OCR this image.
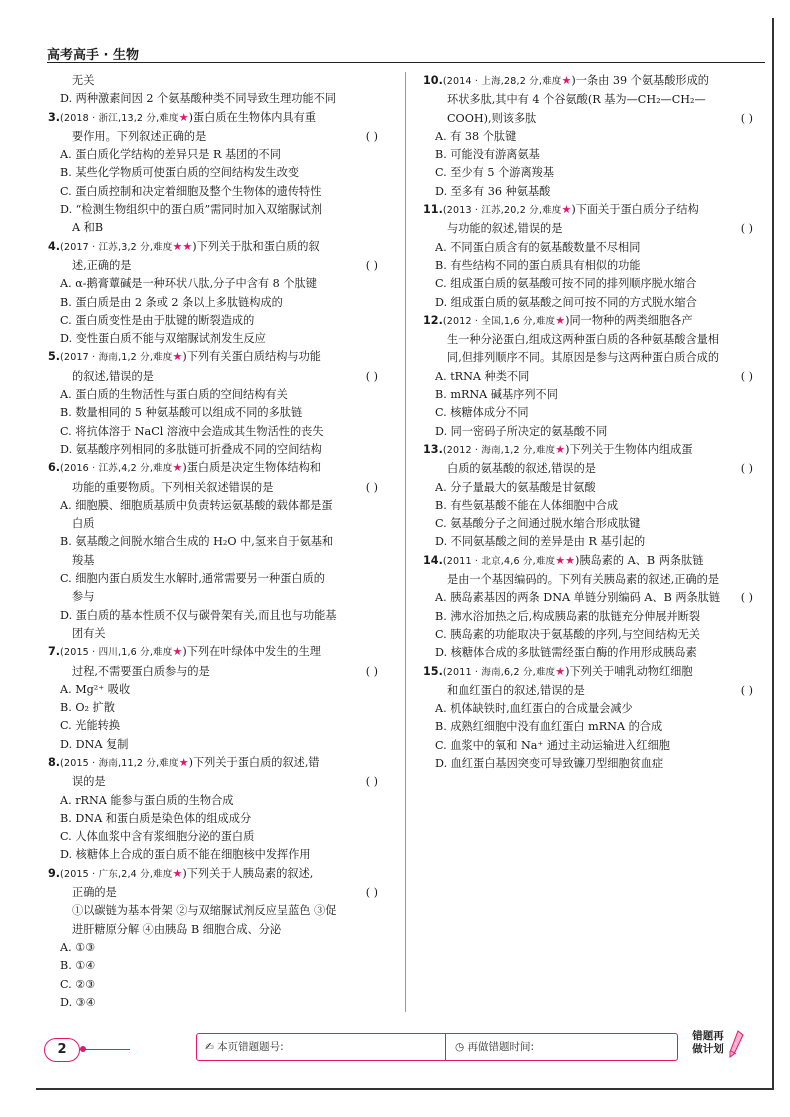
高考高手 · 生物
无关
D. 两种激素间因 2 个氨基酸种类不同导致生理功能不同
3.(2018 · 浙江,13,2 分,难度★)蛋白质在生物体内具有重
( )
要作用。下列叙述正确的是
A. 蛋白质化学结构的差异只是 R 基团的不同
B. 某些化学物质可使蛋白质的空间结构发生改变
C. 蛋白质控制和决定着细胞及整个生物体的遗传特性
D. “检测生物组织中的蛋白质”需同时加入双缩脲试剂
A 和B
4.(2017 · 江苏,3,2 分,难度★★)下列关于肽和蛋白质的叙
( )
述,正确的是
A. α-鹅膏蕈碱是一种环状八肽,分子中含有 8 个肽键
B. 蛋白质是由 2 条或 2 条以上多肽链构成的
C. 蛋白质变性是由于肽键的断裂造成的
D. 变性蛋白质不能与双缩脲试剂发生反应
5.(2017 · 海南,1,2 分,难度★)下列有关蛋白质结构与功能
( )
的叙述,错误的是
A. 蛋白质的生物活性与蛋白质的空间结构有关
B. 数量相同的 5 种氨基酸可以组成不同的多肽链
C. 将抗体溶于 NaCl 溶液中会造成其生物活性的丧失
D. 氨基酸序列相同的多肽链可折叠成不同的空间结构
6.(2016 · 江苏,4,2 分,难度★)蛋白质是决定生物体结构和
( )
功能的重要物质。下列相关叙述错误的是
A. 细胞膜、细胞质基质中负责转运氨基酸的载体都是蛋
白质
B. 氨基酸之间脱水缩合生成的 H₂O 中,氢来自于氨基和
羧基
C. 细胞内蛋白质发生水解时,通常需要另一种蛋白质的
参与
D. 蛋白质的基本性质不仅与碳骨架有关,而且也与功能基
团有关
7.(2015 · 四川,1,6 分,难度★)下列在叶绿体中发生的生理
( )
过程,不需要蛋白质参与的是
A. Mg²⁺ 吸收
B. O₂ 扩散
C. 光能转换
D. DNA 复制
8.(2015 · 海南,11,2 分,难度★)下列关于蛋白质的叙述,错
( )
误的是
A. rRNA 能参与蛋白质的生物合成
B. DNA 和蛋白质是染色体的组成成分
C. 人体血浆中含有浆细胞分泌的蛋白质
D. 核糖体上合成的蛋白质不能在细胞核中发挥作用
9.(2015 · 广东,2,4 分,难度★)下列关于人胰岛素的叙述,
( )
正确的是
①以碳链为基本骨架 ②与双缩脲试剂反应呈蓝色 ③促
进肝糖原分解 ④由胰岛 B 细胞合成、分泌
A. ①③
B. ①④
C. ②③
D. ③④
10.(2014 · 上海,28,2 分,难度★)一条由 39 个氨基酸形成的
环状多肽,其中有 4 个谷氨酸(R 基为—CH₂—CH₂—
( )
COOH),则该多肽
A. 有 38 个肽键
B. 可能没有游离氨基
C. 至少有 5 个游离羧基
D. 至多有 36 种氨基酸
11.(2013 · 江苏,20,2 分,难度★)下面关于蛋白质分子结构
( )
与功能的叙述,错误的是
A. 不同蛋白质含有的氨基酸数量不尽相同
B. 有些结构不同的蛋白质具有相似的功能
C. 组成蛋白质的氨基酸可按不同的排列顺序脱水缩合
D. 组成蛋白质的氨基酸之间可按不同的方式脱水缩合
12.(2012 · 全国,1,6 分,难度★)同一物种的两类细胞各产
生一种分泌蛋白,组成这两种蛋白质的各种氨基酸含量相
同,但排列顺序不同。其原因是参与这两种蛋白质合成的
( )
A. tRNA 种类不同
B. mRNA 碱基序列不同
C. 核糖体成分不同
D. 同一密码子所决定的氨基酸不同
13.(2012 · 海南,1,2 分,难度★)下列关于生物体内组成蛋
( )
白质的氨基酸的叙述,错误的是
A. 分子量最大的氨基酸是甘氨酸
B. 有些氨基酸不能在人体细胞中合成
C. 氨基酸分子之间通过脱水缩合形成肽键
D. 不同氨基酸之间的差异是由 R 基引起的
14.(2011 · 北京,4,6 分,难度★★)胰岛素的 A、B 两条肽链
是由一个基因编码的。下列有关胰岛素的叙述,正确的是
( )
A. 胰岛素基因的两条 DNA 单链分别编码 A、B 两条肽链
B. 沸水浴加热之后,构成胰岛素的肽链充分伸展并断裂
C. 胰岛素的功能取决于氨基酸的序列,与空间结构无关
D. 核糖体合成的多肽链需经蛋白酶的作用形成胰岛素
15.(2011 · 海南,6,2 分,难度★)下列关于哺乳动物红细胞
( )
和血红蛋白的叙述,错误的是
A. 机体缺铁时,血红蛋白的合成量会减少
B. 成熟红细胞中没有血红蛋白 mRNA 的合成
C. 血浆中的氧和 Na⁺ 通过主动运输进入红细胞
D. 血红蛋白基因突变可导致镰刀型细胞贫血症
2	✍ 本页错题题号:	◷ 再做错题时间:
错题再
做计划
